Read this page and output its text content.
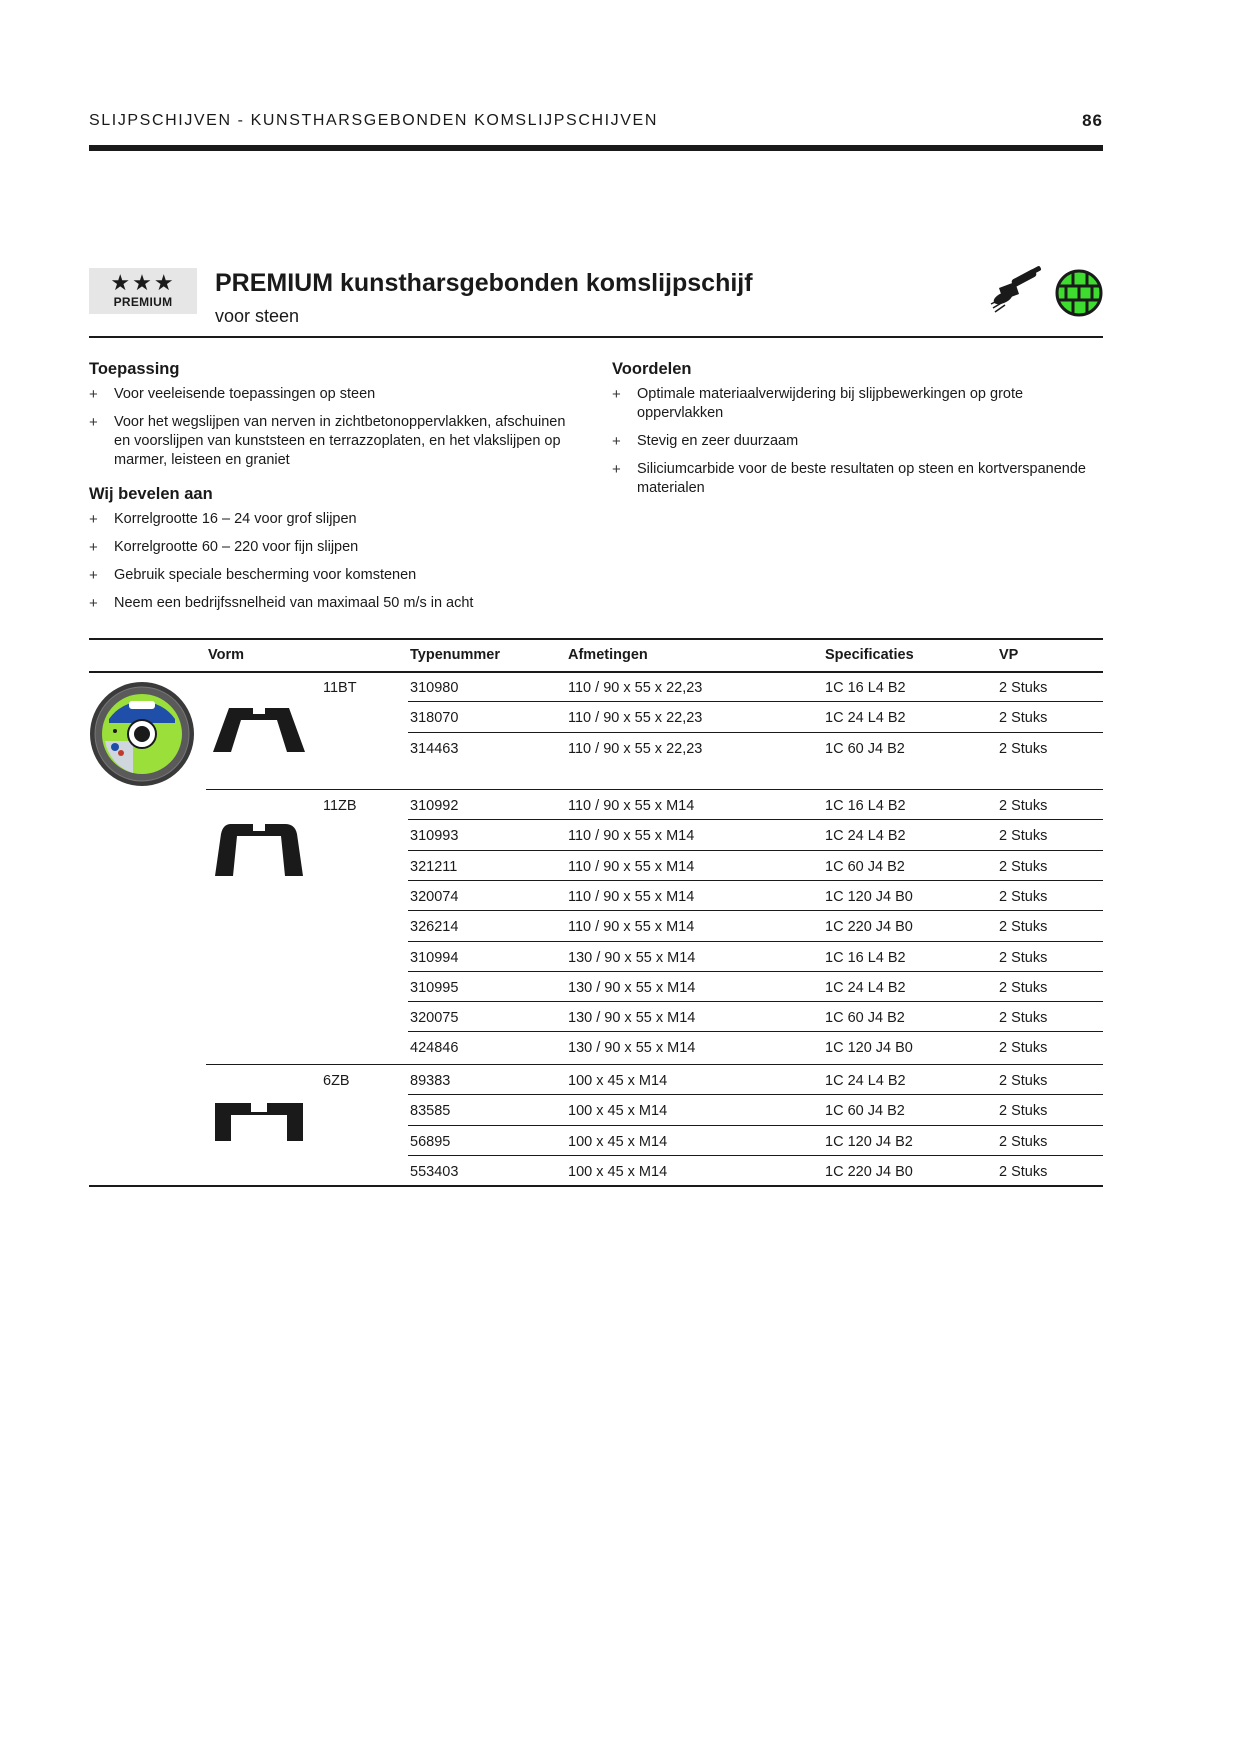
SLIJPSCHIJVEN - KUNSTHARSGEBONDEN KOMSLIJPSCHIJVEN	86
★★★
PREMIUM
PREMIUM kunstharsgebonden komslijpschijf
voor steen
Toepassing
+ Voor veeleisende toepassingen op steen
+ Voor het wegslijpen van nerven in zichtbetonoppervlakken, afschuinen en voorslijpen van kunststeen en terrazzoplaten, en het vlakslijpen op marmer, leisteen en graniet
Wij bevelen aan
+ Korrelgrootte 16 – 24 voor grof slijpen
+ Korrelgrootte 60 – 220 voor fijn slijpen
+ Gebruik speciale bescherming voor komstenen
+ Neem een bedrijfssnelheid van maximaal 50 m/s in acht
Voordelen
+ Optimale materiaalverwijdering bij slijpbewerkingen op grote oppervlakken
+ Stevig en zeer duurzaam
+ Siliciumcarbide voor de beste resultaten op steen en kortverspanende materialen
Vorm	Typenummer	Afmetingen	Specificaties	VP
11BT	310980	110 / 90 x 55 x 22,23	1C 16 L4 B2	2 Stuks
318070	110 / 90 x 55 x 22,23	1C 24 L4 B2	2 Stuks
314463	110 / 90 x 55 x 22,23	1C 60 J4 B2	2 Stuks
11ZB	310992	110 / 90 x 55 x M14	1C 16 L4 B2	2 Stuks
310993	110 / 90 x 55 x M14	1C 24 L4 B2	2 Stuks
321211	110 / 90 x 55 x M14	1C 60 J4 B2	2 Stuks
320074	110 / 90 x 55 x M14	1C 120 J4 B0	2 Stuks
326214	110 / 90 x 55 x M14	1C 220 J4 B0	2 Stuks
310994	130 / 90 x 55 x M14	1C 16 L4 B2	2 Stuks
310995	130 / 90 x 55 x M14	1C 24 L4 B2	2 Stuks
320075	130 / 90 x 55 x M14	1C 60 J4 B2	2 Stuks
424846	130 / 90 x 55 x M14	1C 120 J4 B0	2 Stuks
6ZB	89383	100 x 45 x M14	1C 24 L4 B2	2 Stuks
83585	100 x 45 x M14	1C 60 J4 B2	2 Stuks
56895	100 x 45 x M14	1C 120 J4 B2	2 Stuks
553403	100 x 45 x M14	1C 220 J4 B0	2 Stuks
